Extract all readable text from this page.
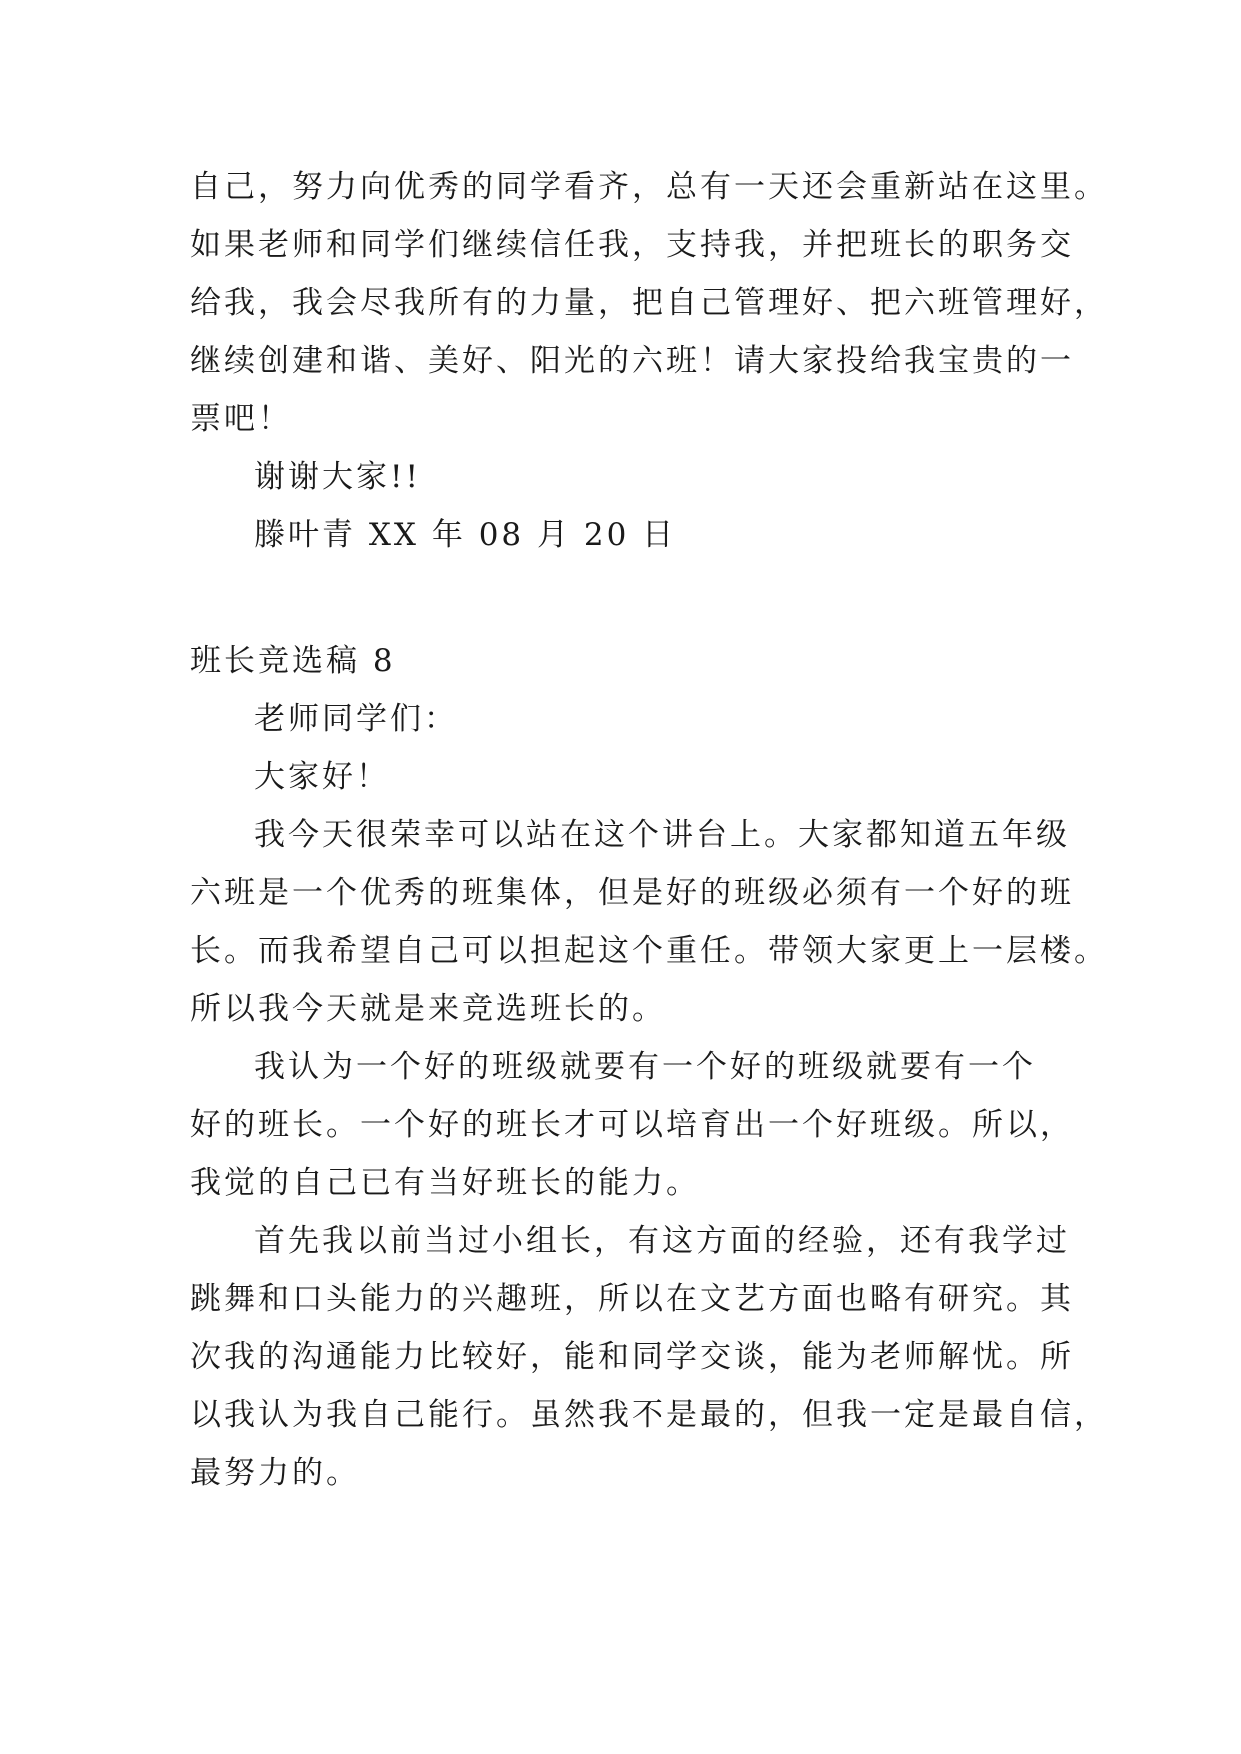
自己，努力向优秀的同学看齐，总有一天还会重新站在这里。
如果老师和同学们继续信任我，支持我，并把班长的职务交
给我，我会尽我所有的力量，把自己管理好、把六班管理好，
继续创建和谐、美好、阳光的六班！请大家投给我宝贵的一
票吧！
谢谢大家!!
滕叶青 XX 年 08 月 20 日
班长竞选稿 8
老师同学们：
大家好！
我今天很荣幸可以站在这个讲台上。大家都知道五年级
六班是一个优秀的班集体，但是好的班级必须有一个好的班
长。而我希望自己可以担起这个重任。带领大家更上一层楼。
所以我今天就是来竞选班长的。
我认为一个好的班级就要有一个好的班级就要有一个
好的班长。一个好的班长才可以培育出一个好班级。所以，
我觉的自己已有当好班长的能力。
首先我以前当过小组长，有这方面的经验，还有我学过
跳舞和口头能力的兴趣班，所以在文艺方面也略有研究。其
次我的沟通能力比较好，能和同学交谈，能为老师解忧。所
以我认为我自己能行。虽然我不是最的，但我一定是最自信，
最努力的。
